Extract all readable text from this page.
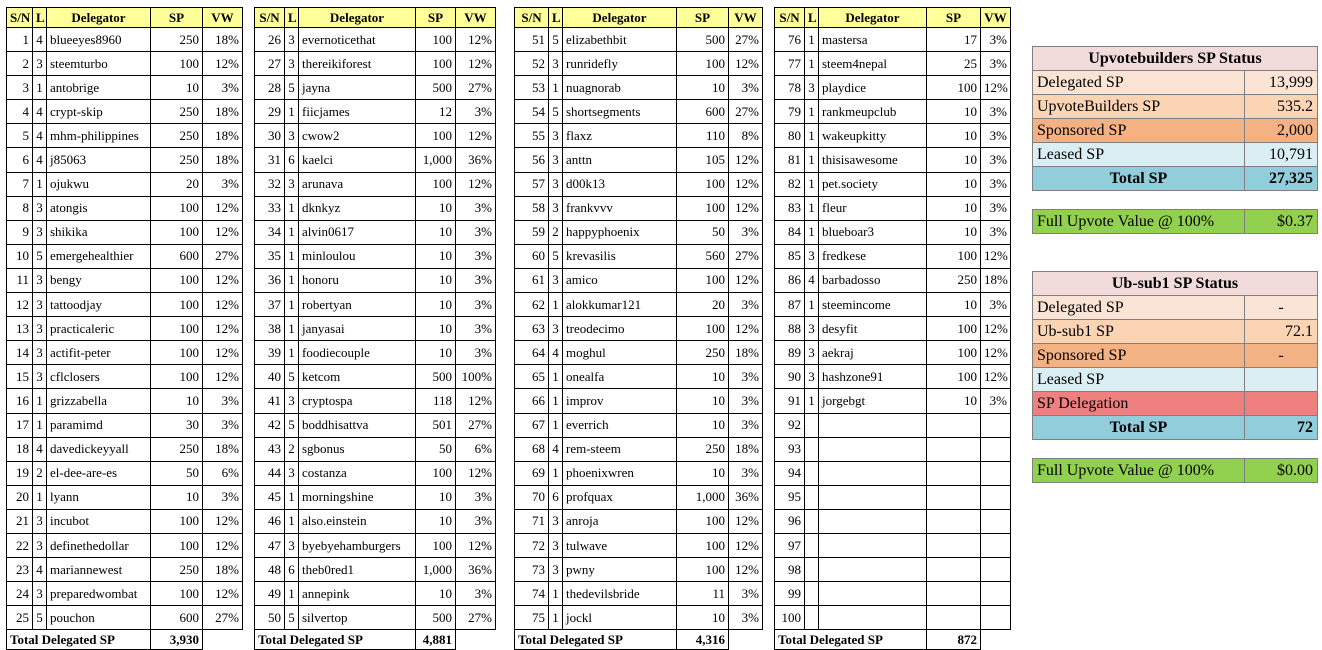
S/N	L	Delegator	SP	VW
1	4	blueeyes8960	250	18%
2	3	steemturbo	100	12%
3	1	antobrige	10	3%
4	4	crypt-skip	250	18%
5	4	mhm-philippines	250	18%
6	4	j85063	250	18%
7	1	ojukwu	20	3%
8	3	atongis	100	12%
9	3	shikika	100	12%
10	5	emergehealthier	600	27%
11	3	bengy	100	12%
12	3	tattoodjay	100	12%
13	3	practicaleric	100	12%
14	3	actifit-peter	100	12%
15	3	cflclosers	100	12%
16	1	grizzabella	10	3%
17	1	paramimd	30	3%
18	4	davedickeyyall	250	18%
19	2	el-dee-are-es	50	6%
20	1	lyann	10	3%
21	3	incubot	100	12%
22	3	definethedollar	100	12%
23	4	mariannewest	250	18%
24	3	preparedwombat	100	12%
25	5	pouchon	600	27%
Total Delegated SP			3,930	
S/N	L	Delegator	SP	VW
26	3	evernoticethat	100	12%
27	3	thereikiforest	100	12%
28	5	jayna	500	27%
29	1	fiicjames	12	3%
30	3	cwow2	100	12%
31	6	kaelci	1,000	36%
32	3	arunava	100	12%
33	1	dknkyz	10	3%
34	1	alvin0617	10	3%
35	1	minloulou	10	3%
36	1	honoru	10	3%
37	1	robertyan	10	3%
38	1	janyasai	10	3%
39	1	foodiecouple	10	3%
40	5	ketcom	500	100%
41	3	cryptospa	118	12%
42	5	boddhisattva	501	27%
43	2	sgbonus	50	6%
44	3	costanza	100	12%
45	1	morningshine	10	3%
46	1	also.einstein	10	3%
47	3	byebyehamburgers	100	12%
48	6	theb0red1	1,000	36%
49	1	annepink	10	3%
50	5	silvertop	500	27%
Total Delegated SP			4,881	
S/N	L	Delegator	SP	VW
51	5	elizabethbit	500	27%
52	3	runridefly	100	12%
53	1	nuagnorab	10	3%
54	5	shortsegments	600	27%
55	3	flaxz	110	8%
56	3	anttn	105	12%
57	3	d00k13	100	12%
58	3	frankvvv	100	12%
59	2	happyphoenix	50	3%
60	5	krevasilis	560	27%
61	3	amico	100	12%
62	1	alokkumar121	20	3%
63	3	treodecimo	100	12%
64	4	moghul	250	18%
65	1	onealfa	10	3%
66	1	improv	10	3%
67	1	everrich	10	3%
68	4	rem-steem	250	18%
69	1	phoenixwren	10	3%
70	6	profquax	1,000	36%
71	3	anroja	100	12%
72	3	tulwave	100	12%
73	3	pwny	100	12%
74	1	thedevilsbride	11	3%
75	1	jockl	10	3%
Total Delegated SP			4,316	
S/N	L	Delegator	SP	VW
76	1	mastersa	17	3%
77	1	steem4nepal	25	3%
78	3	playdice	100	12%
79	1	rankmeupclub	10	3%
80	1	wakeupkitty	10	3%
81	1	thisisawesome	10	3%
82	1	pet.society	10	3%
83	1	fleur	10	3%
84	1	blueboar3	10	3%
85	3	fredkese	100	12%
86	4	barbadosso	250	18%
87	1	steemincome	10	3%
88	3	desyfit	100	12%
89	3	aekraj	100	12%
90	3	hashzone91	100	12%
91	1	jorgebgt	10	3%
92				
93				
94				
95				
96				
97				
98				
99				
100				
Total Delegated SP			872	
Upvotebuilders SP Status	
Delegated SP	13,999
UpvoteBuilders SP	535.2
Sponsored SP	2,000
Leased SP	10,791
Total SP	27,325
Full Upvote Value @ 100%	$0.37
Ub-sub1 SP Status	
Delegated SP	-
Ub-sub1 SP	72.1
Sponsored SP	-
Leased SP	
SP Delegation	
Total SP	72
Full Upvote Value @ 100%	$0.00
